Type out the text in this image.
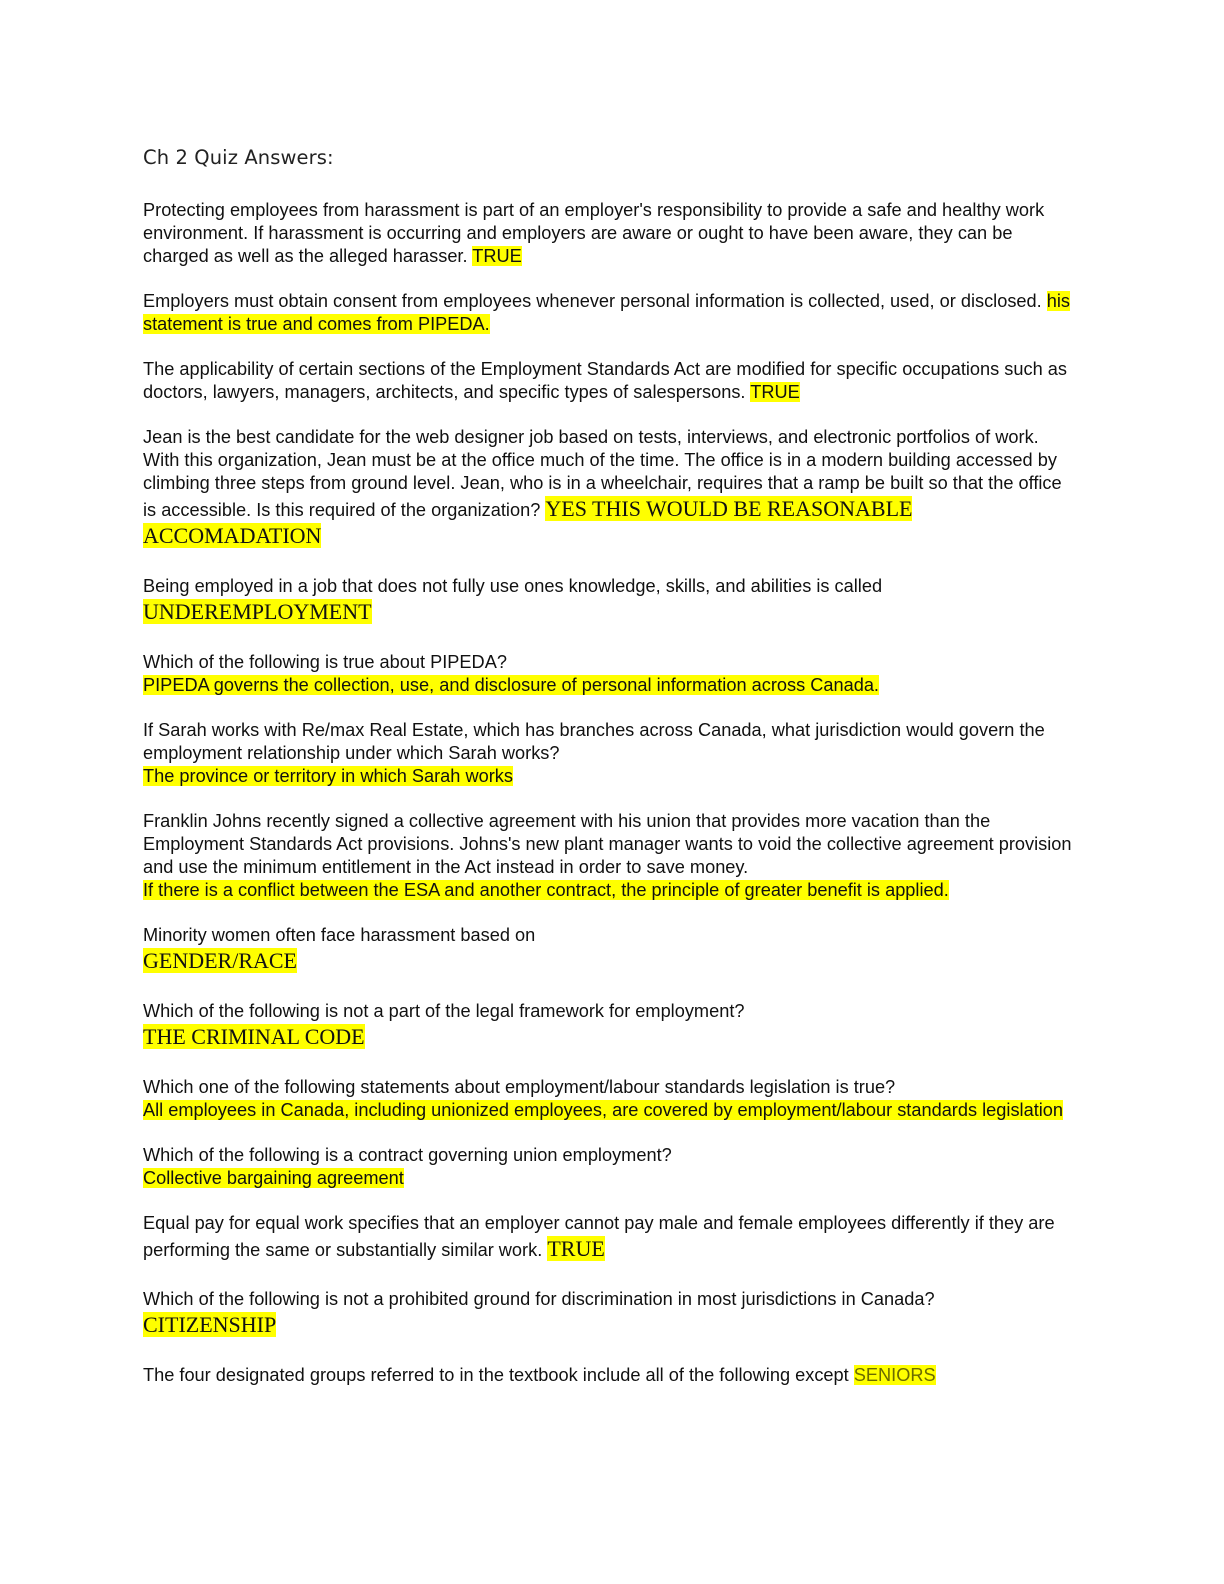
Ch 2 Quiz Answers:
Protecting employees from harassment is part of an employer's responsibility to provide a safe and healthy work environment. If harassment is occurring and employers are aware or ought to have been aware, they can be charged as well as the alleged harasser. TRUE
Employers must obtain consent from employees whenever personal information is collected, used, or disclosed. his statement is true and comes from PIPEDA.
The applicability of certain sections of the Employment Standards Act are modified for specific occupations such as doctors, lawyers, managers, architects, and specific types of salespersons. TRUE
Jean is the best candidate for the web designer job based on tests, interviews, and electronic portfolios of work. With this organization, Jean must be at the office much of the time. The office is in a modern building accessed by climbing three steps from ground level. Jean, who is in a wheelchair, requires that a ramp be built so that the office is accessible. Is this required of the organization? YES THIS WOULD BE REASONABLE ACCOMADATION
Being employed in a job that does not fully use ones knowledge, skills, and abilities is called
UNDEREMPLOYMENT
Which of the following is true about PIPEDA?
PIPEDA governs the collection, use, and disclosure of personal information across Canada.
If Sarah works with Re/max Real Estate, which has branches across Canada, what jurisdiction would govern the employment relationship under which Sarah works?
The province or territory in which Sarah works
Franklin Johns recently signed a collective agreement with his union that provides more vacation than the Employment Standards Act provisions. Johns's new plant manager wants to void the collective agreement provision and use the minimum entitlement in the Act instead in order to save money.
If there is a conflict between the ESA and another contract, the principle of greater benefit is applied.
Minority women often face harassment based on
GENDER/RACE
Which of the following is not a part of the legal framework for employment?
THE CRIMINAL CODE
Which one of the following statements about employment/labour standards legislation is true?
All employees in Canada, including unionized employees, are covered by employment/labour standards legislation
Which of the following is a contract governing union employment?
Collective bargaining agreement
Equal pay for equal work specifies that an employer cannot pay male and female employees differently if they are performing the same or substantially similar work. TRUE
Which of the following is not a prohibited ground for discrimination in most jurisdictions in Canada?
CITIZENSHIP
The four designated groups referred to in the textbook include all of the following except SENIORS
